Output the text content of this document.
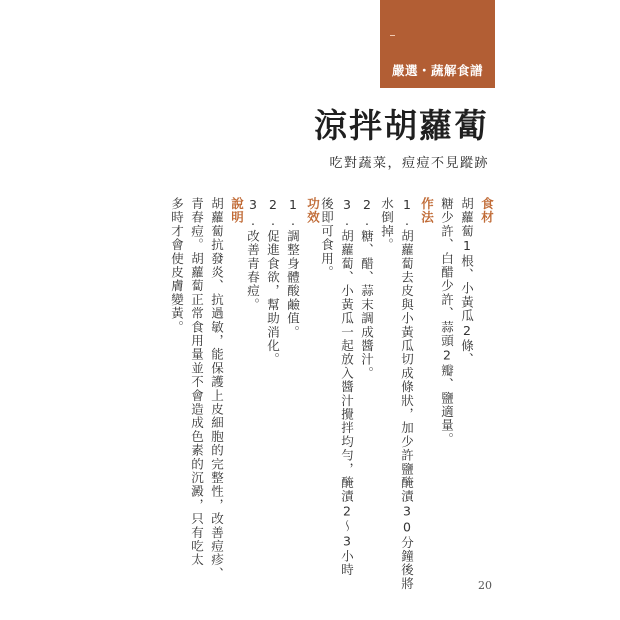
嚴選・蔬解食譜
涼拌胡蘿蔔
吃對蔬菜，痘痘不見蹤跡
食材
胡蘿蔔1根、小黃瓜2條、
糖少許、白醋少許、蒜頭2瓣、鹽適量。
作法
1.胡蘿蔔去皮與小黃瓜切成條狀，加少許鹽醃漬30分鐘後將
水倒掉。
2.糖、醋、蒜末調成醬汁。
3.胡蘿蔔、小黃瓜一起放入醬汁攪拌均勻，醃漬2～3小時
後即可食用。
功效
1.調整身體酸鹼值。
2.促進食欲，幫助消化。
3.改善青春痘。
說明
胡蘿蔔抗發炎、抗過敏，能保護上皮細胞的完整性，改善痘疹、
青春痘。胡蘿蔔正常食用量並不會造成色素的沉澱，只有吃太
多時才會使皮膚變黃。
20
